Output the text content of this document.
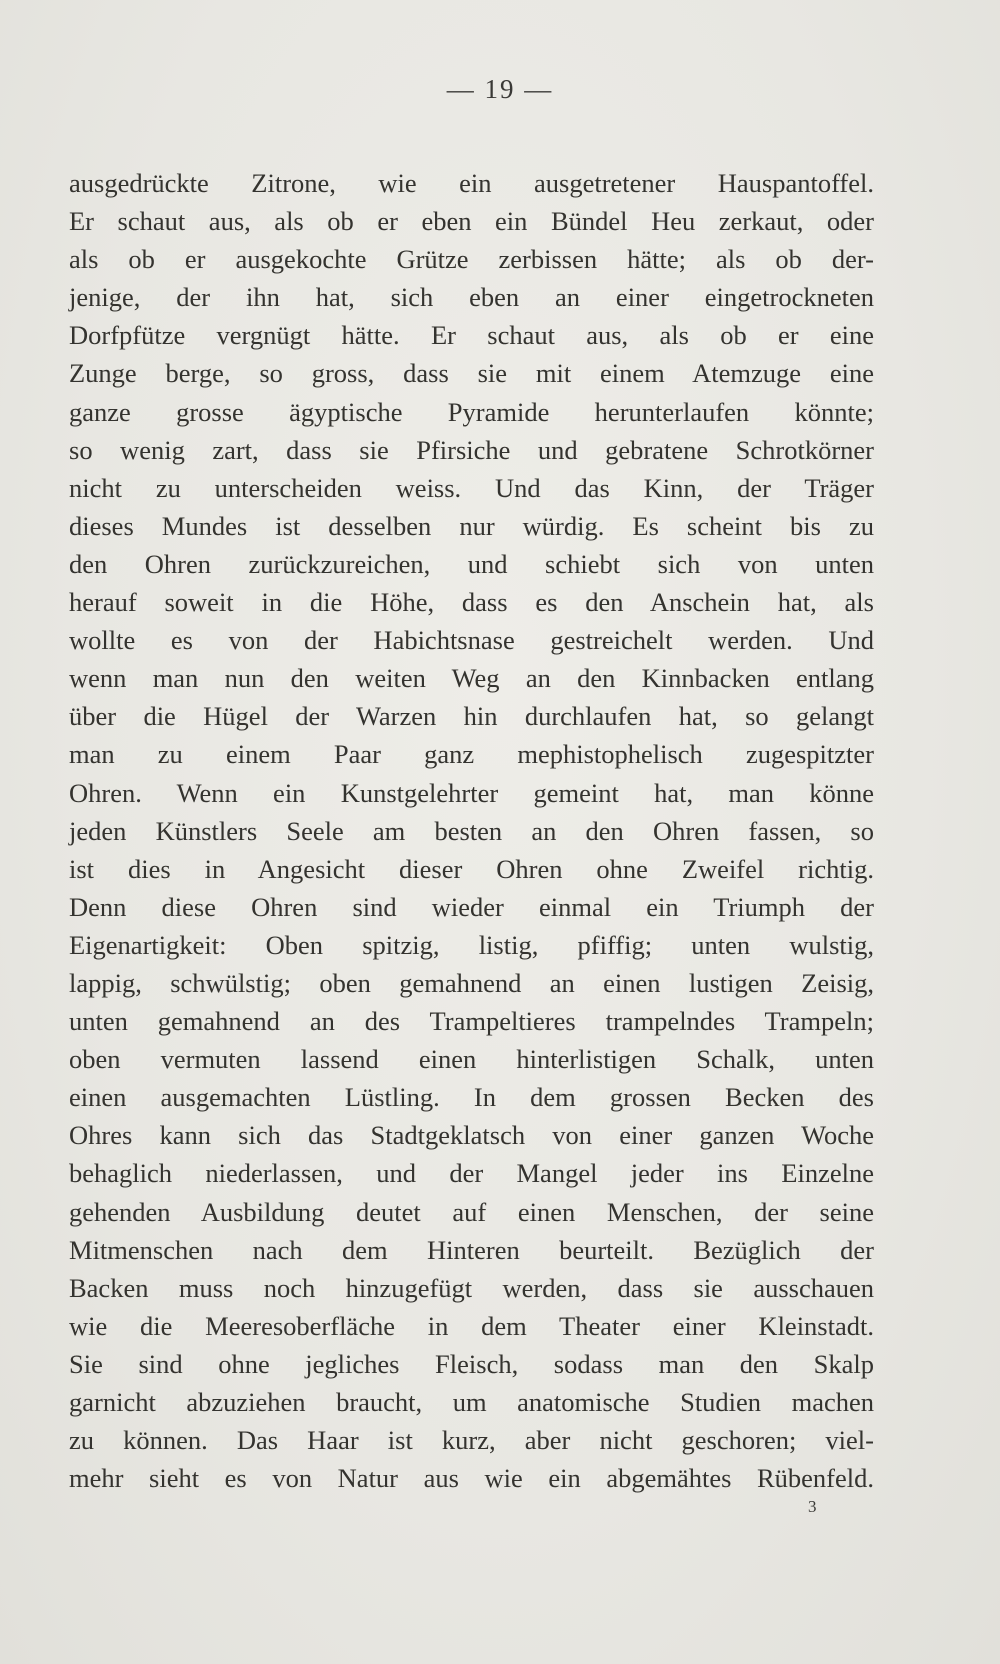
— 19 —
ausgedrückte Zitrone, wie ein ausgetretener Hauspantoffel.
Er schaut aus, als ob er eben ein Bündel Heu zerkaut, oder
als ob er ausgekochte Grütze zerbissen hätte; als ob der-
jenige, der ihn hat, sich eben an einer eingetrockneten
Dorfpfütze vergnügt hätte. Er schaut aus, als ob er eine
Zunge berge, so gross, dass sie mit einem Atemzuge eine
ganze grosse ägyptische Pyramide herunterlaufen könnte;
so wenig zart, dass sie Pfirsiche und gebratene Schrotkörner
nicht zu unterscheiden weiss. Und das Kinn, der Träger
dieses Mundes ist desselben nur würdig. Es scheint bis zu
den Ohren zurückzureichen, und schiebt sich von unten
herauf soweit in die Höhe, dass es den Anschein hat, als
wollte es von der Habichtsnase gestreichelt werden. Und
wenn man nun den weiten Weg an den Kinnbacken entlang
über die Hügel der Warzen hin durchlaufen hat, so gelangt
man zu einem Paar ganz mephistophelisch zugespitzter
Ohren. Wenn ein Kunstgelehrter gemeint hat, man könne
jeden Künstlers Seele am besten an den Ohren fassen, so
ist dies in Angesicht dieser Ohren ohne Zweifel richtig.
Denn diese Ohren sind wieder einmal ein Triumph der
Eigenartigkeit: Oben spitzig, listig, pfiffig; unten wulstig,
lappig, schwülstig; oben gemahnend an einen lustigen Zeisig,
unten gemahnend an des Trampeltieres trampelndes Trampeln;
oben vermuten lassend einen hinterlistigen Schalk, unten
einen ausgemachten Lüstling. In dem grossen Becken des
Ohres kann sich das Stadtgeklatsch von einer ganzen Woche
behaglich niederlassen, und der Mangel jeder ins Einzelne
gehenden Ausbildung deutet auf einen Menschen, der seine
Mitmenschen nach dem Hinteren beurteilt. Bezüglich der
Backen muss noch hinzugefügt werden, dass sie ausschauen
wie die Meeresoberfläche in dem Theater einer Kleinstadt.
Sie sind ohne jegliches Fleisch, sodass man den Skalp
garnicht abzuziehen braucht, um anatomische Studien machen
zu können. Das Haar ist kurz, aber nicht geschoren; viel-
mehr sieht es von Natur aus wie ein abgemähtes Rübenfeld.
3
